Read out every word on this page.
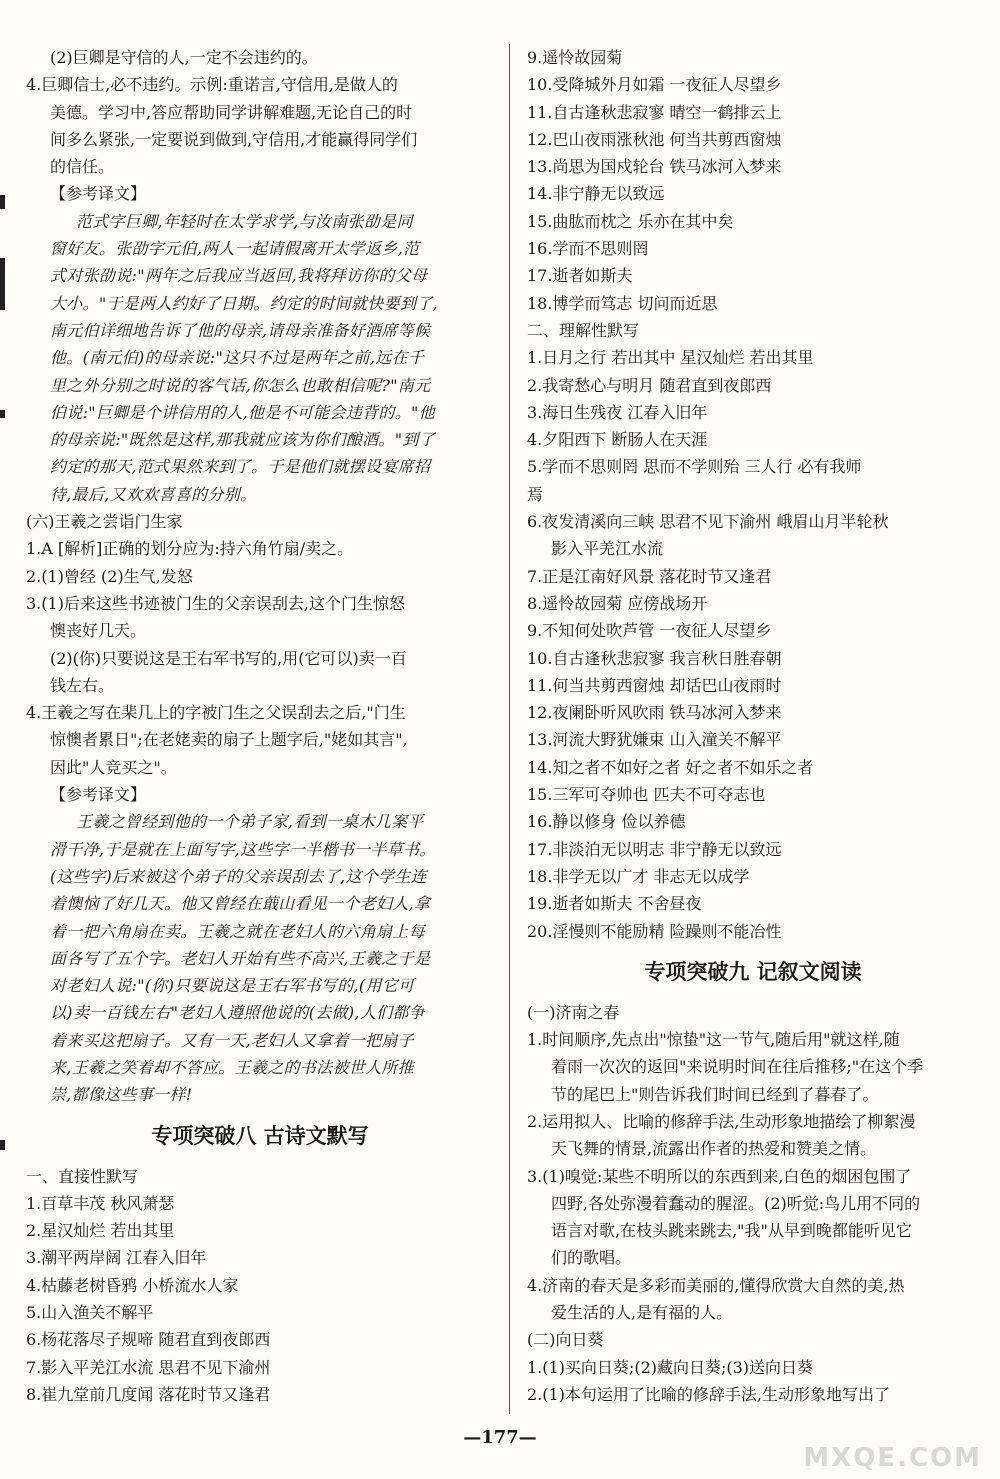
(2)巨卿是守信的人,一定不会违约的。
4.巨卿信士,必不违约。示例:重诺言,守信用,是做人的
美德。学习中,答应帮助同学讲解难题,无论自己的时
间多么紧张,一定要说到做到,守信用,才能赢得同学们
的信任。
【参考译文】
范式字巨卿,年轻时在太学求学,与汝南张劭是同
窗好友。张劭字元伯,两人一起请假离开太学返乡,范
式对张劭说:"两年之后我应当返回,我将拜访你的父母
大小。"于是两人约好了日期。约定的时间就快要到了,
南元伯详细地告诉了他的母亲,请母亲准备好酒席等候
他。(南元伯)的母亲说:"这只不过是两年之前,远在千
里之外分别之时说的客气话,你怎么也敢相信呢?"南元
伯说:"巨卿是个讲信用的人,他是不可能会违背的。"他
的母亲说:"既然是这样,那我就应该为你们酿酒。"到了
约定的那天,范式果然来到了。于是他们就摆设宴席招
待,最后,又欢欢喜喜的分别。
(六)王羲之尝诣门生家
1.A [解析]正确的划分应为:持六角竹扇/卖之。
2.(1)曾经 (2)生气,发怒
3.(1)后来这些书迹被门生的父亲误刮去,这个门生惊怒
懊丧好几天。
(2)(你)只要说这是王右军书写的,用(它可以)卖一百
钱左右。
4.王羲之写在棐几上的字被门生之父误刮去之后,"门生
惊懊者累日";在老姥卖的扇子上题字后,"姥如其言",
因此"人竞买之"。
【参考译文】
王羲之曾经到他的一个弟子家,看到一桌木几案平
滑干净,于是就在上面写字,这些字一半楷书一半草书。
(这些字)后来被这个弟子的父亲误刮去了,这个学生连
着懊恼了好几天。他又曾经在蕺山看见一个老妇人,拿
着一把六角扇在卖。王羲之就在老妇人的六角扇上每
面各写了五个字。老妇人开始有些不高兴,王羲之于是
对老妇人说:"(你)只要说这是王右军书写的,(用它可
以)卖一百钱左右"老妇人遵照他说的(去做),人们都争
着来买这把扇子。又有一天,老妇人又拿着一把扇子
来,王羲之笑着却不答应。王羲之的书法被世人所推
崇,都像这些事一样!
专项突破八 古诗文默写
一、直接性默写
1.百草丰茂 秋风萧瑟
2.星汉灿烂 若出其里
3.潮平两岸阔 江春入旧年
4.枯藤老树昏鸦 小桥流水人家
5.山入渔关不解平
6.杨花落尽子规啼 随君直到夜郎西
7.影入平羌江水流 思君不见下渝州
8.崔九堂前几度闻 落花时节又逢君
9.遥怜故园菊
10.受降城外月如霜 一夜征人尽望乡
11.自古逢秋悲寂寥 晴空一鹤排云上
12.巴山夜雨涨秋池 何当共剪西窗烛
13.尚思为国戍轮台 铁马冰河入梦来
14.非宁静无以致远
15.曲肱而枕之 乐亦在其中矣
16.学而不思则罔
17.逝者如斯夫
18.博学而笃志 切问而近思
二、理解性默写
1.日月之行 若出其中 星汉灿烂 若出其里
2.我寄愁心与明月 随君直到夜郎西
3.海日生残夜 江春入旧年
4.夕阳西下 断肠人在天涯
5.学而不思则罔 思而不学则殆 三人行 必有我师
焉
6.夜发清溪向三峡 思君不见下渝州 峨眉山月半轮秋
影入平羌江水流
7.正是江南好风景 落花时节又逢君
8.遥怜故园菊 应傍战场开
9.不知何处吹芦管 一夜征人尽望乡
10.自古逢秋悲寂寥 我言秋日胜春朝
11.何当共剪西窗烛 却话巴山夜雨时
12.夜阑卧听风吹雨 铁马冰河入梦来
13.河流大野犹嫌束 山入潼关不解平
14.知之者不如好之者 好之者不如乐之者
15.三军可夺帅也 匹夫不可夺志也
16.静以修身 俭以养德
17.非淡泊无以明志 非宁静无以致远
18.非学无以广才 非志无以成学
19.逝者如斯夫 不舍昼夜
20.淫慢则不能励精 险躁则不能冶性
专项突破九 记叙文阅读
(一)济南之春
1.时间顺序,先点出"惊蛰"这一节气,随后用"就这样,随
着雨一次次的返回"来说明时间在往后推移;"在这个季
节的尾巴上"则告诉我们时间已经到了暮春了。
2.运用拟人、比喻的修辞手法,生动形象地描绘了柳絮漫
天飞舞的情景,流露出作者的热爱和赞美之情。
3.(1)嗅觉:某些不明所以的东西到来,白色的烟困包围了
四野,各处弥漫着蠢动的腥涩。(2)听觉:鸟儿用不同的
语言对歌,在枝头跳来跳去,"我"从早到晚都能听见它
们的歌唱。
4.济南的春天是多彩而美丽的,懂得欣赏大自然的美,热
爱生活的人,是有福的人。
(二)向日葵
1.(1)买向日葵;(2)藏向日葵;(3)送向日葵
2.(1)本句运用了比喻的修辞手法,生动形象地写出了
—177—
MXQE.COM
